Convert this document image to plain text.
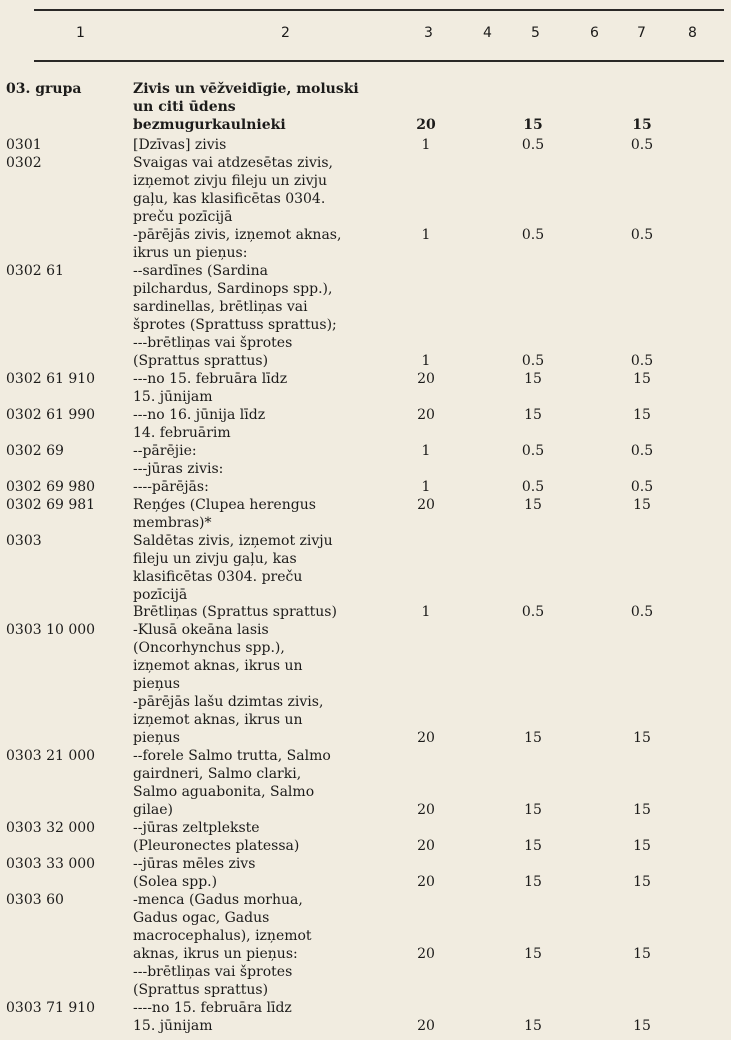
1	2	3	4	5	6	7	8
03. grupa	Zivis un vēžveidīgie, moluski
un citi ūdens
bezmugurkaulnieki	20	15	15
0301	[Dzīvas] zivis	1	0.5	0.5
0302	Svaigas vai atdzesētas zivis,
izņemot zivju fileju un zivju
gaļu, kas klasificētas 0304.
preču pozīcijā
-pārējās zivis, izņemot aknas,
ikrus un pieņus:
1	0.5	0.5
0302 61	--sardīnes (Sardina
pilchardus, Sardinops spp.),
sardinellas, brētliņas vai
šprotes (Sprattuss sprattus);
---brētliņas vai šprotes
(Sprattus sprattus)	1	0.5	0.5
0302 61 910	---no 15. februāra līdz
15. jūnijam
20	15	15
0302 61 990	---no 16. jūnija līdz
14. februārim
20	15	15
0302 69	--pārējie:	1	0.5	0.5
---jūras zivis:
0302 69 980	----pārējās:	1	0.5	0.5
0302 69 981	Reņģes (Clupea herengus
membras)*
20	15	15
0303	Saldētas zivis, izņemot zivju
fileju un zivju gaļu, kas
klasificētas 0304. preču
pozīcijā
Brētliņas (Sprattus sprattus)	1	0.5	0.5
0303 10 000	-Klusā okeāna lasis
(Oncorhynchus spp.),
izņemot aknas, ikrus un
pieņus
-pārējās lašu dzimtas zivis,
izņemot aknas, ikrus un
pieņus	20	15	15
0303 21 000	--forele Salmo trutta, Salmo
gairdneri, Salmo clarki,
Salmo aguabonita, Salmo
gilae)	20	15	15
0303 32 000	--jūras zeltplekste
(Pleuronectes platessa)	20	15	15
0303 33 000	--jūras mēles zivs
(Solea spp.)	20	15	15
0303 60	-menca (Gadus morhua,
Gadus ogac, Gadus
macrocephalus), izņemot
aknas, ikrus un pieņus:	20	15	15
---brētliņas vai šprotes
(Sprattus sprattus)
0303 71 910	----no 15. februāra līdz
15. jūnijam	20	15	15
